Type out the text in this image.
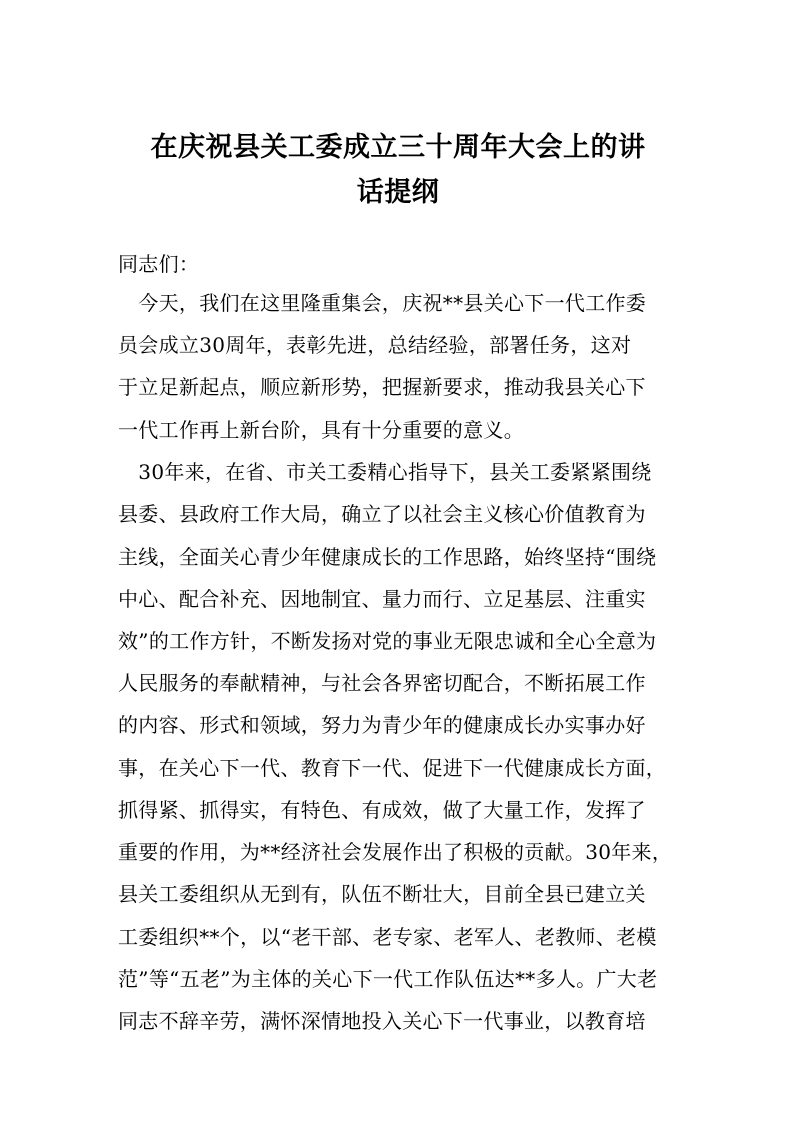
在庆祝县关工委成立三十周年大会上的讲
话提纲
同志们：
　今天，我们在这里隆重集会，庆祝**县关心下一代工作委
员会成立30周年，表彰先进，总结经验，部署任务，这对
于立足新起点，顺应新形势，把握新要求，推动我县关心下
一代工作再上新台阶，具有十分重要的意义。
　30年来，在省、市关工委精心指导下，县关工委紧紧围绕
县委、县政府工作大局，确立了以社会主义核心价值教育为
主线，全面关心青少年健康成长的工作思路，始终坚持“围绕
中心、配合补充、因地制宜、量力而行、立足基层、注重实
效”的工作方针，不断发扬对党的事业无限忠诚和全心全意为
人民服务的奉献精神，与社会各界密切配合，不断拓展工作
的内容、形式和领域，努力为青少年的健康成长办实事办好
事，在关心下一代、教育下一代、促进下一代健康成长方面，
抓得紧、抓得实，有特色、有成效，做了大量工作，发挥了
重要的作用，为**经济社会发展作出了积极的贡献。30年来，
县关工委组织从无到有，队伍不断壮大，目前全县已建立关
工委组织**个，以“老干部、老专家、老军人、老教师、老模
范”等“五老”为主体的关心下一代工作队伍达**多人。广大老
同志不辞辛劳，满怀深情地投入关心下一代事业，以教育培
